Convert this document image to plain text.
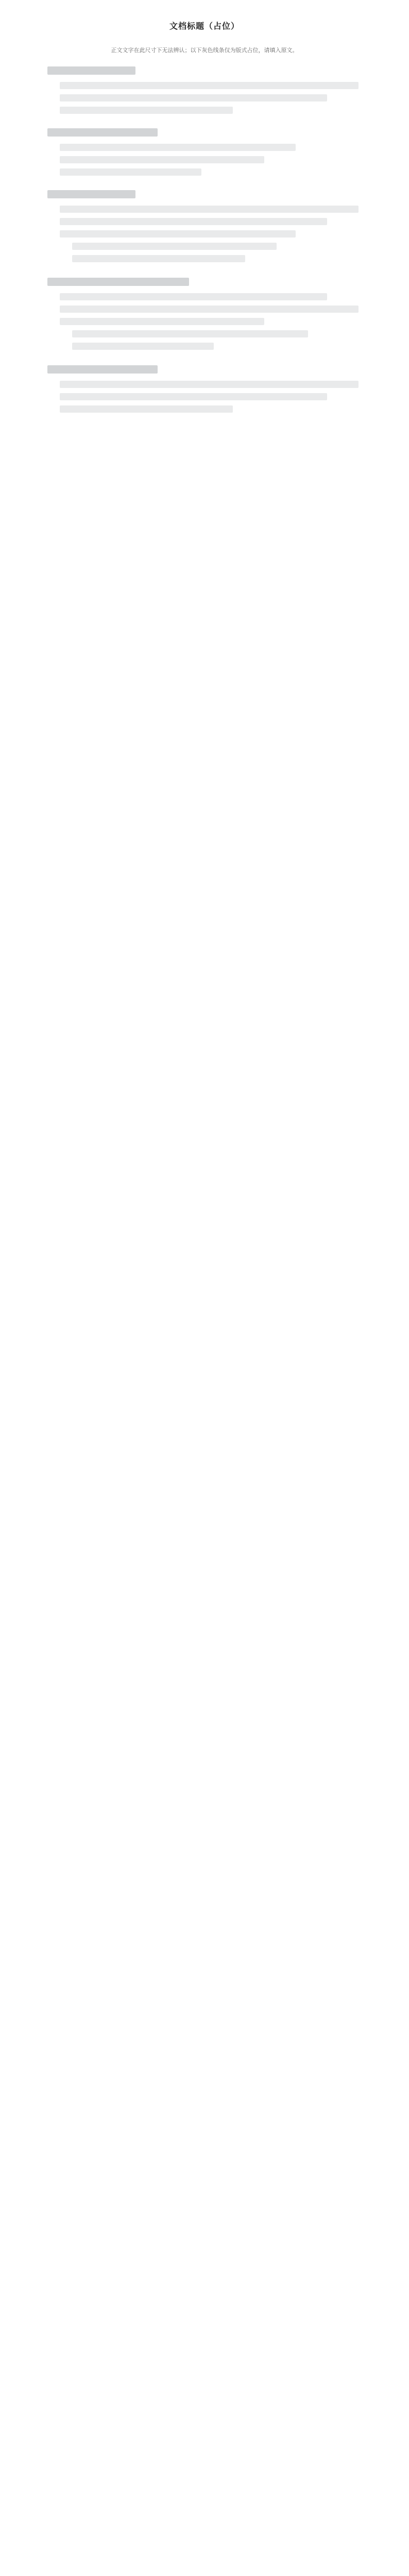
文档标题（占位）
正文文字在此尺寸下无法辨认；以下灰色线条仅为版式占位，请填入原文。
